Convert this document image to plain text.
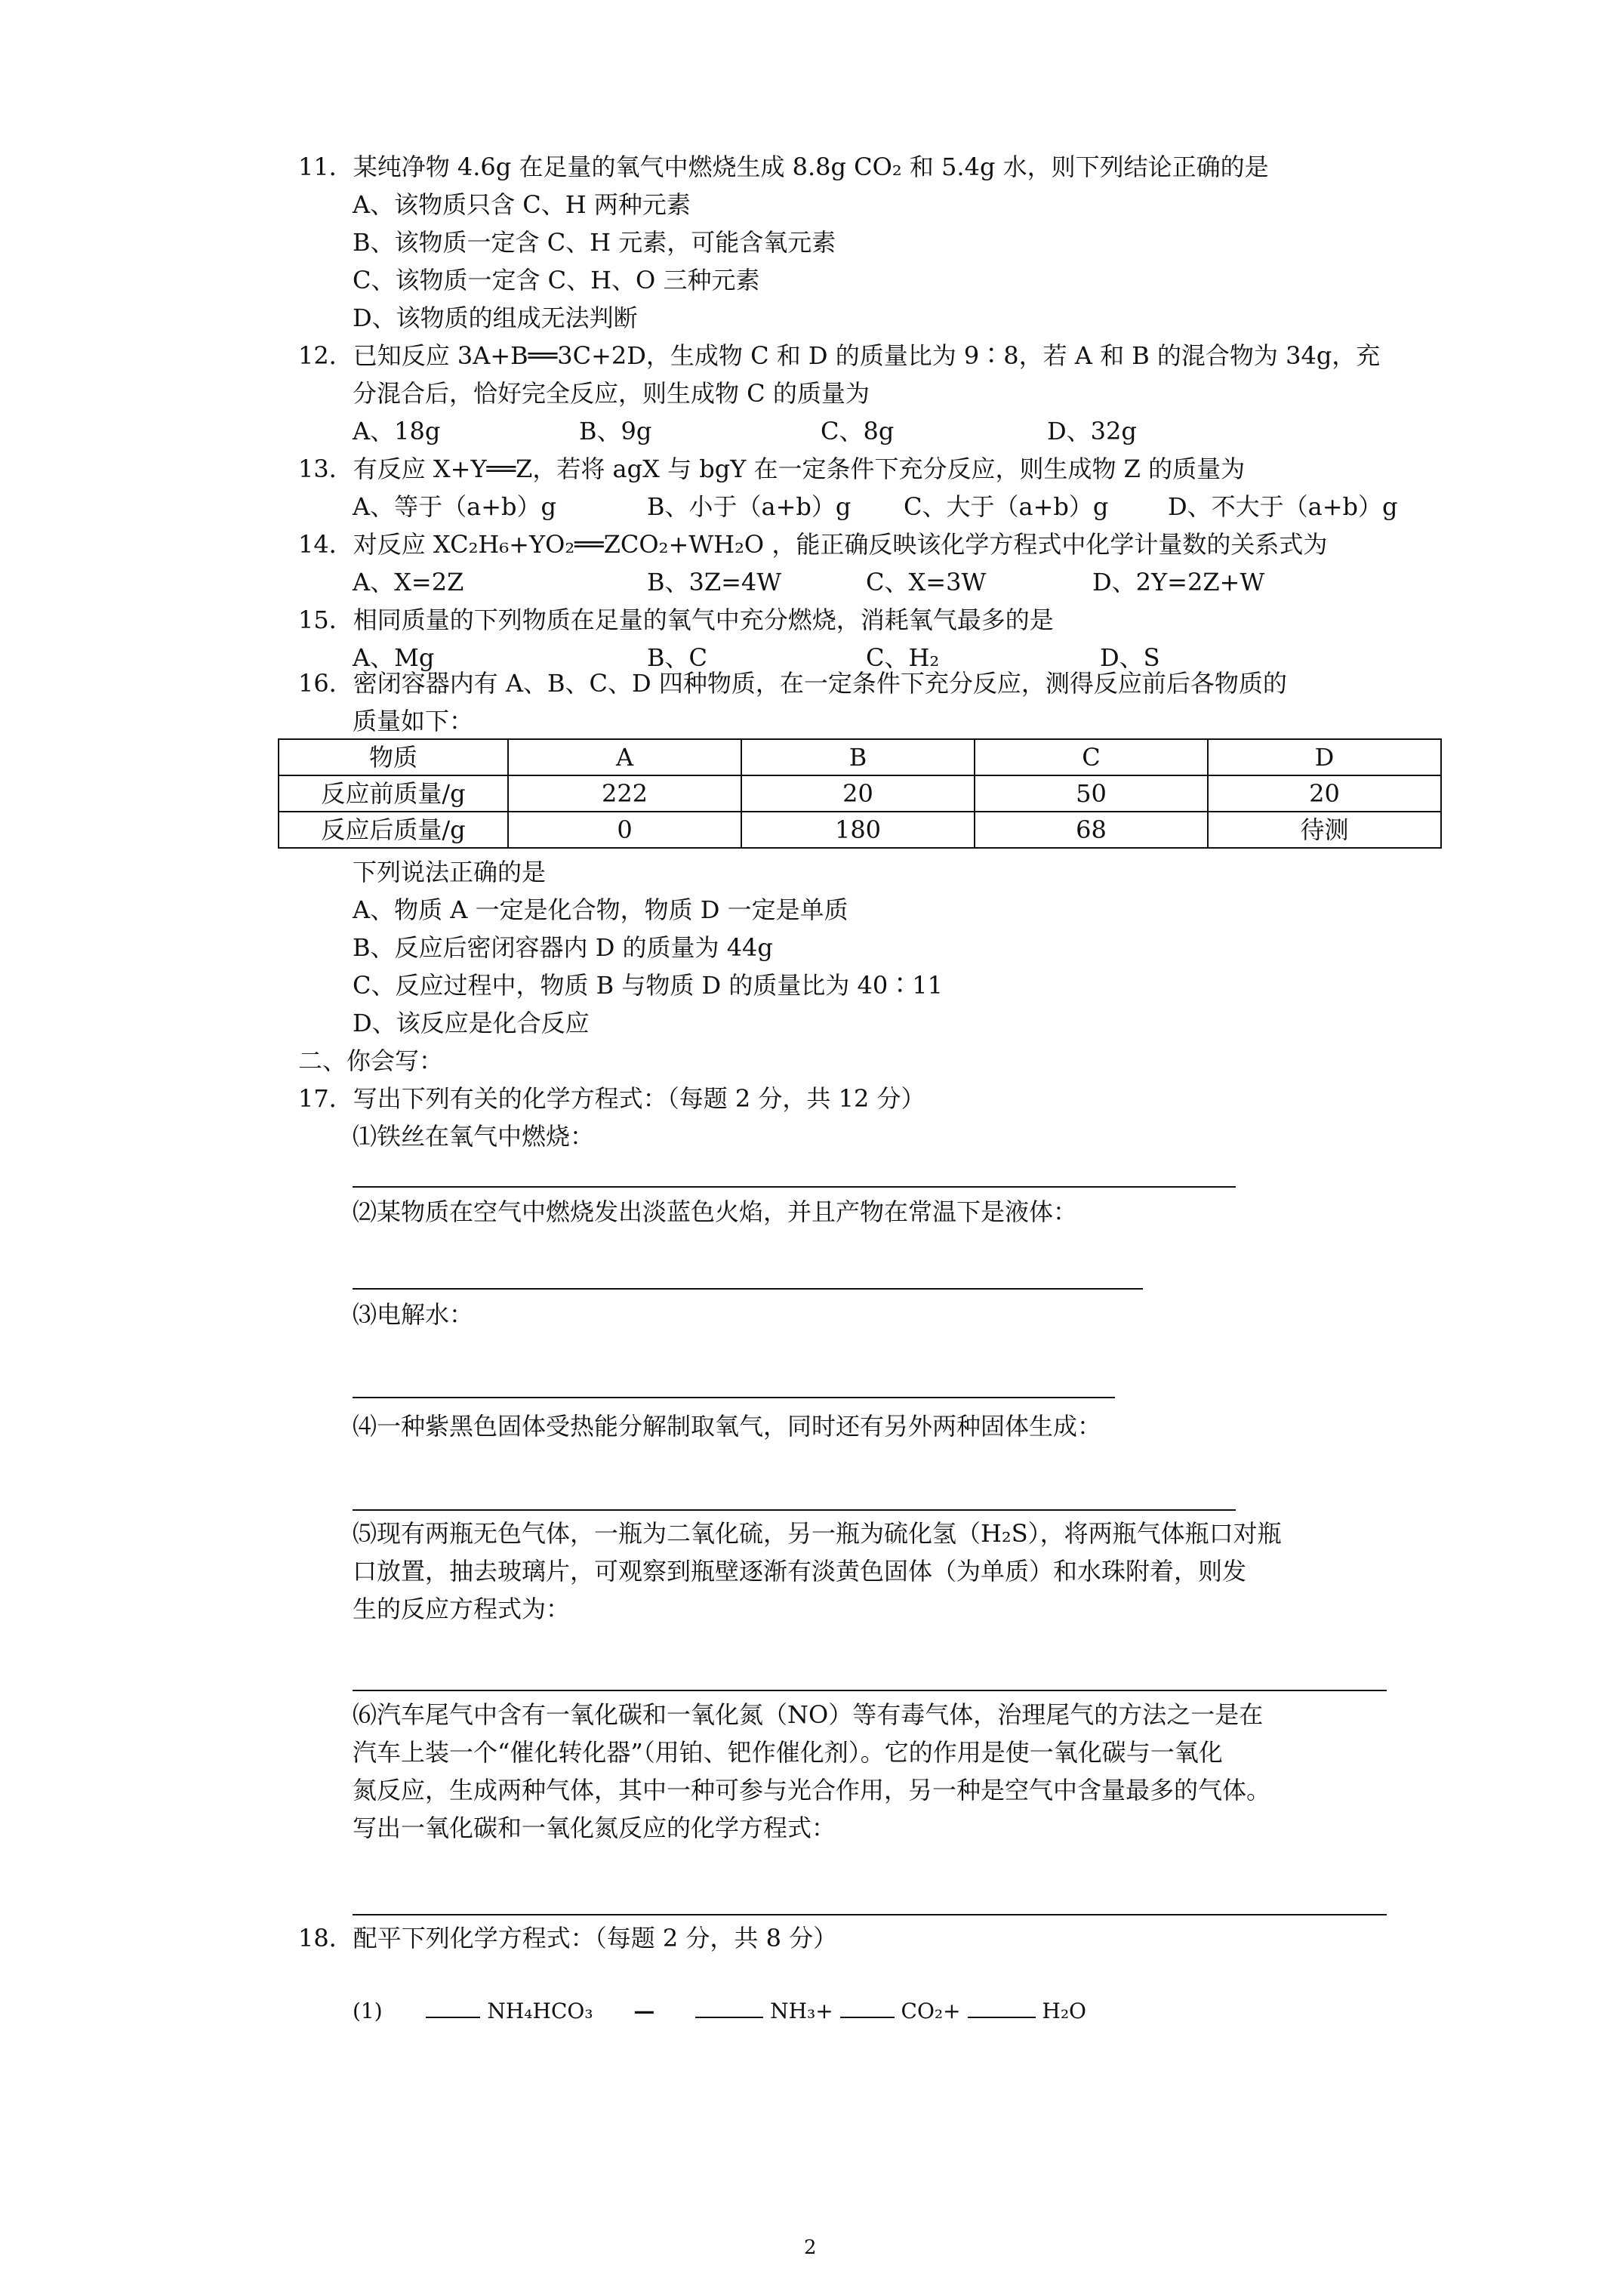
11．某纯净物 4.6g 在足量的氧气中燃烧生成 8.8g CO₂ 和 5.4g 水，则下列结论正确的是
A、该物质只含 C、H 两种元素
B、该物质一定含 C、H 元素，可能含氧元素
C、该物质一定含 C、H、O 三种元素
D、该物质的组成无法判断
12．已知反应 3A+B══3C+2D，生成物 C 和 D 的质量比为 9∶8，若 A 和 B 的混合物为 34g，充
分混合后，恰好完全反应，则生成物 C 的质量为
A、18g	B、9g	C、8g	D、32g
13．有反应 X+Y══Z，若将 agX 与 bgY 在一定条件下充分反应，则生成物 Z 的质量为
A、等于（a+b）g	B、小于（a+b）g C、大于（a+b）g D、不大于（a+b）g
14．对反应 XC₂H₆+YO₂══ZCO₂+WH₂O ，能正确反映该化学方程式中化学计量数的关系式为
A、X=2Z	B、3Z=4W	C、X=3W	D、2Y=2Z+W
15．相同质量的下列物质在足量的氧气中充分燃烧，消耗氧气最多的是
A、Mg	B、C	C、H₂	D、S
16．密闭容器内有 A、B、C、D 四种物质，在一定条件下充分反应，测得反应前后各物质的
质量如下：
物质	A	B	C	D
反应前质量/g	222	20	50	20
反应后质量/g	0	180	68	待测
下列说法正确的是
A、物质 A 一定是化合物，物质 D 一定是单质
B、反应后密闭容器内 D 的质量为 44g
C、反应过程中，物质 B 与物质 D 的质量比为 40∶11
D、该反应是化合反应
二、你会写：
17．写出下列有关的化学方程式：（每题 2 分，共 12 分）
⑴铁丝在氧气中燃烧：
⑵某物质在空气中燃烧发出淡蓝色火焰，并且产物在常温下是液体：
⑶电解水：
⑷一种紫黑色固体受热能分解制取氧气，同时还有另外两种固体生成：
⑸现有两瓶无色气体，一瓶为二氧化硫，另一瓶为硫化氢（H₂S），将两瓶气体瓶口对瓶
口放置，抽去玻璃片，可观察到瓶壁逐渐有淡黄色固体（为单质）和水珠附着，则发
生的反应方程式为：
⑹汽车尾气中含有一氧化碳和一氧化氮（NO）等有毒气体，治理尾气的方法之一是在
汽车上装一个“催化转化器”（用铂、钯作催化剂）。它的作用是使一氧化碳与一氧化
氮反应，生成两种气体，其中一种可参与光合作用，另一种是空气中含量最多的气体。
写出一氧化碳和一氧化氮反应的化学方程式：
18．配平下列化学方程式：（每题 2 分，共 8 分）
(1)	NH₄HCO₃ —	NH₃+	CO₂+	H₂O
2
